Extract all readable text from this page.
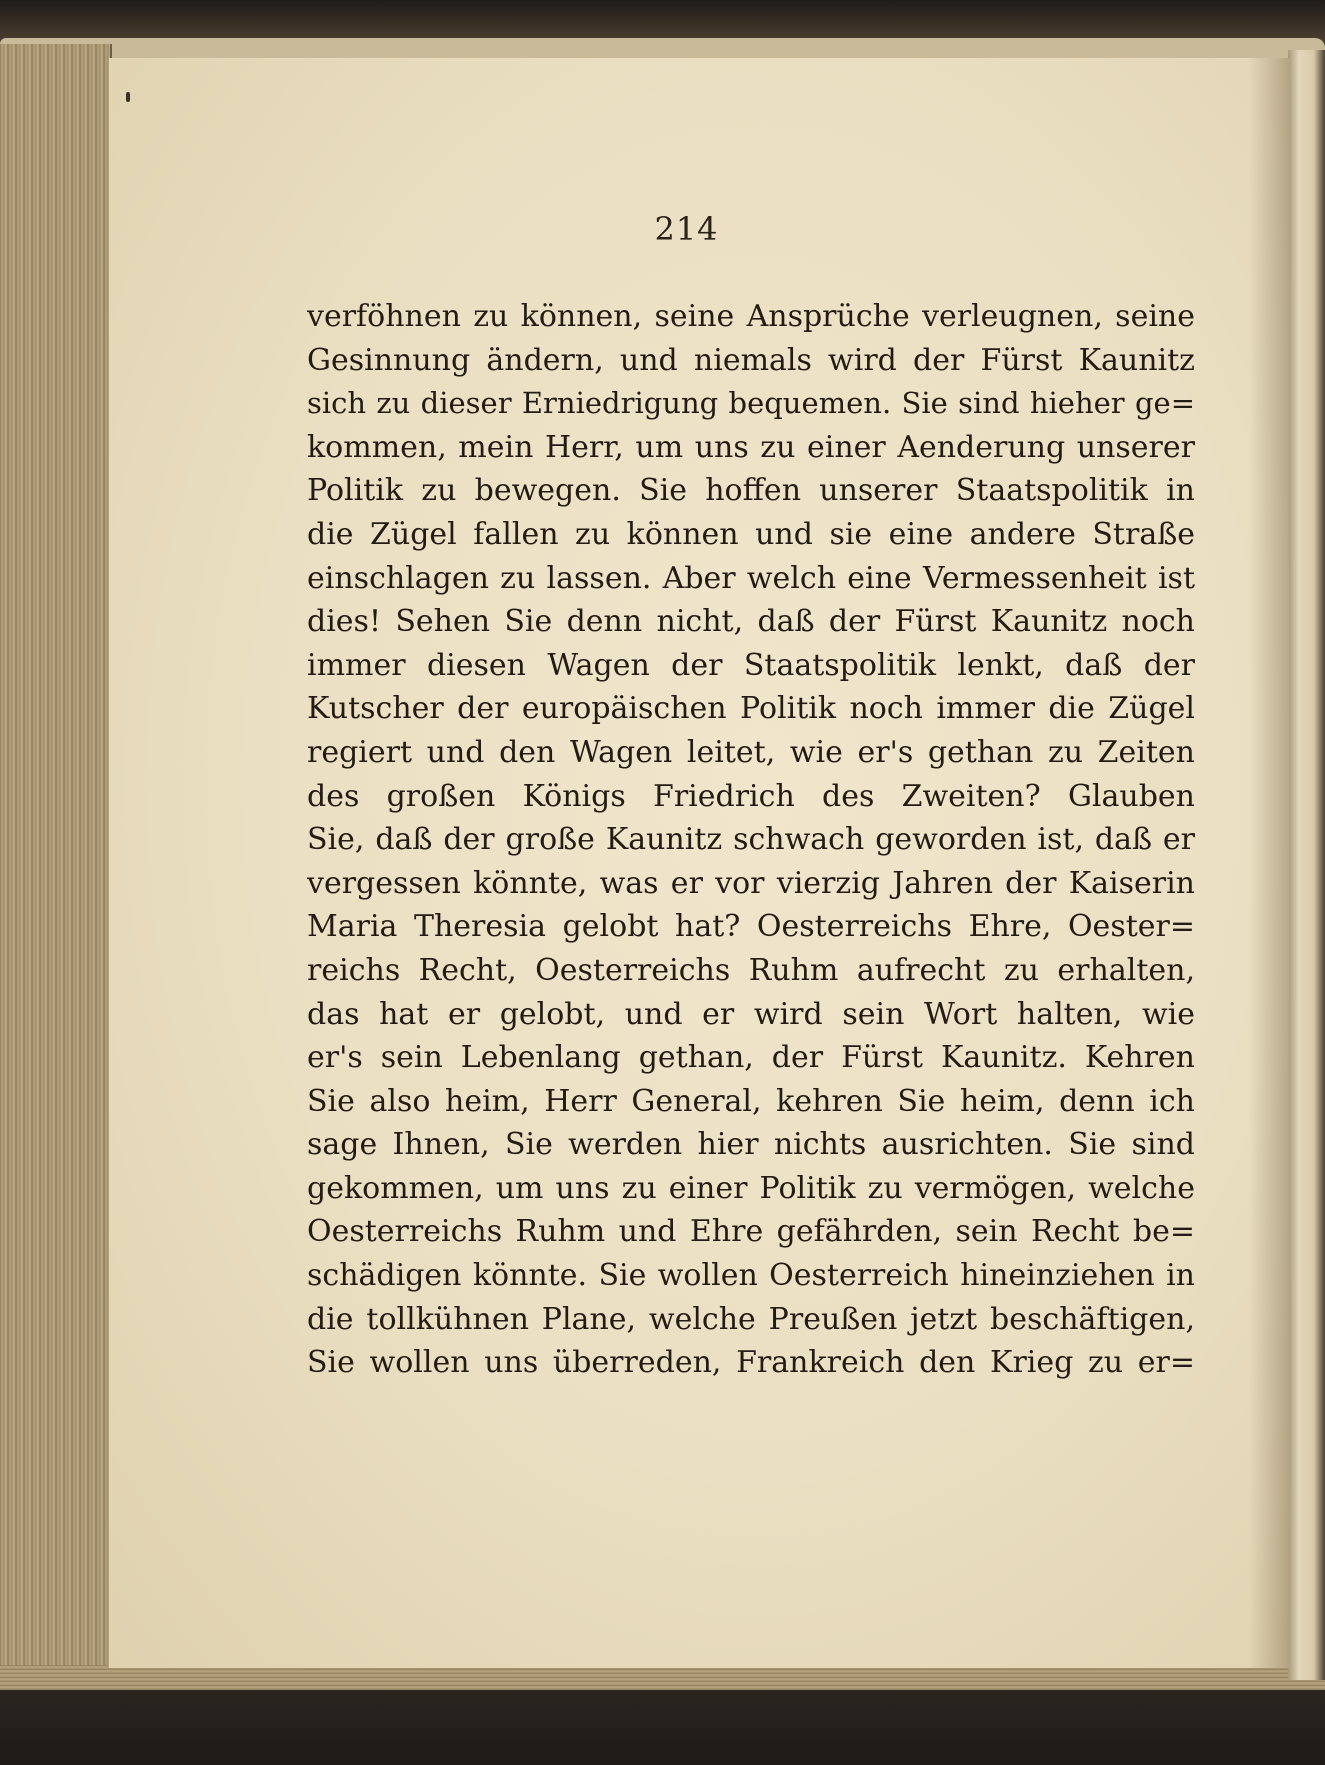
214
verföhnen zu können, seine Ansprüche verleugnen, seine
Gesinnung ändern, und niemals wird der Fürst Kaunitz
sich zu dieser Erniedrigung bequemen. Sie sind hieher ge=
kommen, mein Herr, um uns zu einer Aenderung unserer
Politik zu bewegen. Sie hoffen unserer Staatspolitik in
die Zügel fallen zu können und sie eine andere Straße
einschlagen zu lassen. Aber welch eine Vermessenheit ist
dies! Sehen Sie denn nicht, daß der Fürst Kaunitz noch
immer diesen Wagen der Staatspolitik lenkt, daß der
Kutscher der europäischen Politik noch immer die Zügel
regiert und den Wagen leitet, wie er's gethan zu Zeiten
des großen Königs Friedrich des Zweiten? Glauben
Sie, daß der große Kaunitz schwach geworden ist, daß er
vergessen könnte, was er vor vierzig Jahren der Kaiserin
Maria Theresia gelobt hat? Oesterreichs Ehre, Oester=
reichs Recht, Oesterreichs Ruhm aufrecht zu erhalten,
das hat er gelobt, und er wird sein Wort halten, wie
er's sein Lebenlang gethan, der Fürst Kaunitz. Kehren
Sie also heim, Herr General, kehren Sie heim, denn ich
sage Ihnen, Sie werden hier nichts ausrichten. Sie sind
gekommen, um uns zu einer Politik zu vermögen, welche
Oesterreichs Ruhm und Ehre gefährden, sein Recht be=
schädigen könnte. Sie wollen Oesterreich hineinziehen in
die tollkühnen Plane, welche Preußen jetzt beschäftigen,
Sie wollen uns überreden, Frankreich den Krieg zu er=
